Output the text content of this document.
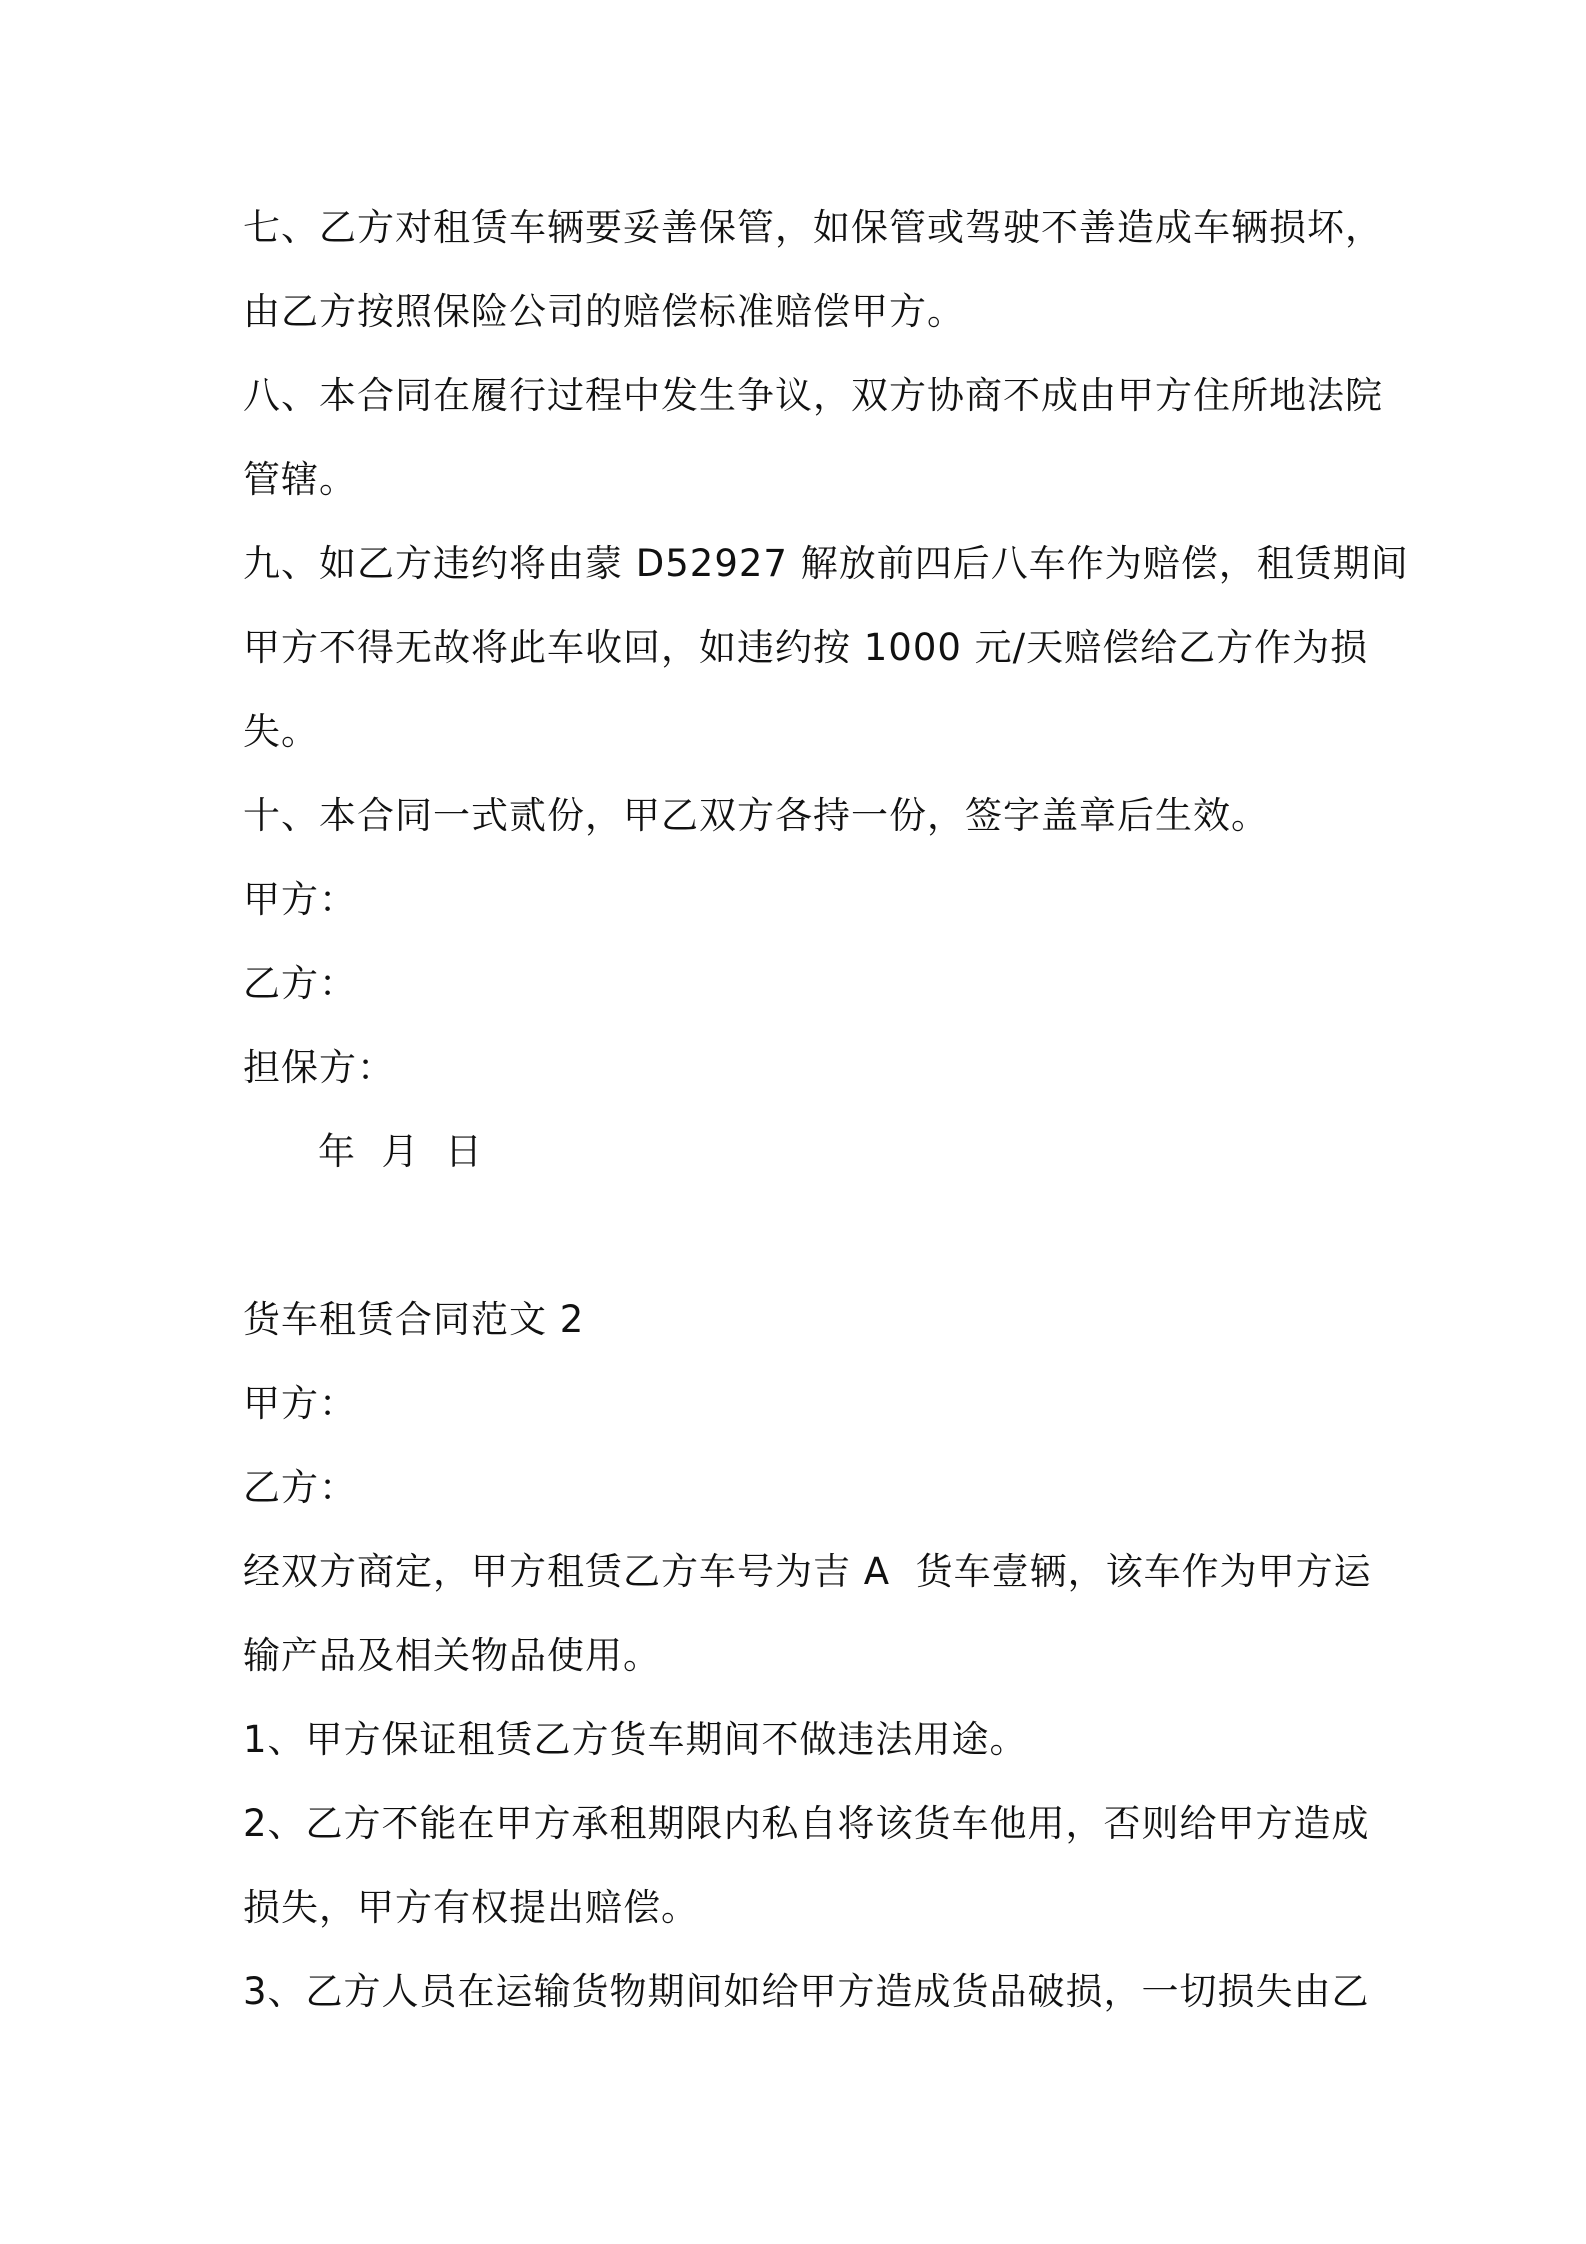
七、乙方对租赁车辆要妥善保管，如保管或驾驶不善造成车辆损坏，
由乙方按照保险公司的赔偿标准赔偿甲方。
八、本合同在履行过程中发生争议，双方协商不成由甲方住所地法院
管辖。
九、如乙方违约将由蒙 D52927 解放前四后八车作为赔偿，租赁期间
甲方不得无故将此车收回，如违约按 1000 元/天赔偿给乙方作为损
失。
十、本合同一式贰份，甲乙双方各持一份，签字盖章后生效。
甲方：
乙方：
担保方：
年  月  日
货车租赁合同范文 2
甲方：
乙方：
经双方商定，甲方租赁乙方车号为吉 A  货车壹辆，该车作为甲方运
输产品及相关物品使用。
1、甲方保证租赁乙方货车期间不做违法用途。
2、乙方不能在甲方承租期限内私自将该货车他用，否则给甲方造成
损失，甲方有权提出赔偿。
3、乙方人员在运输货物期间如给甲方造成货品破损，一切损失由乙
